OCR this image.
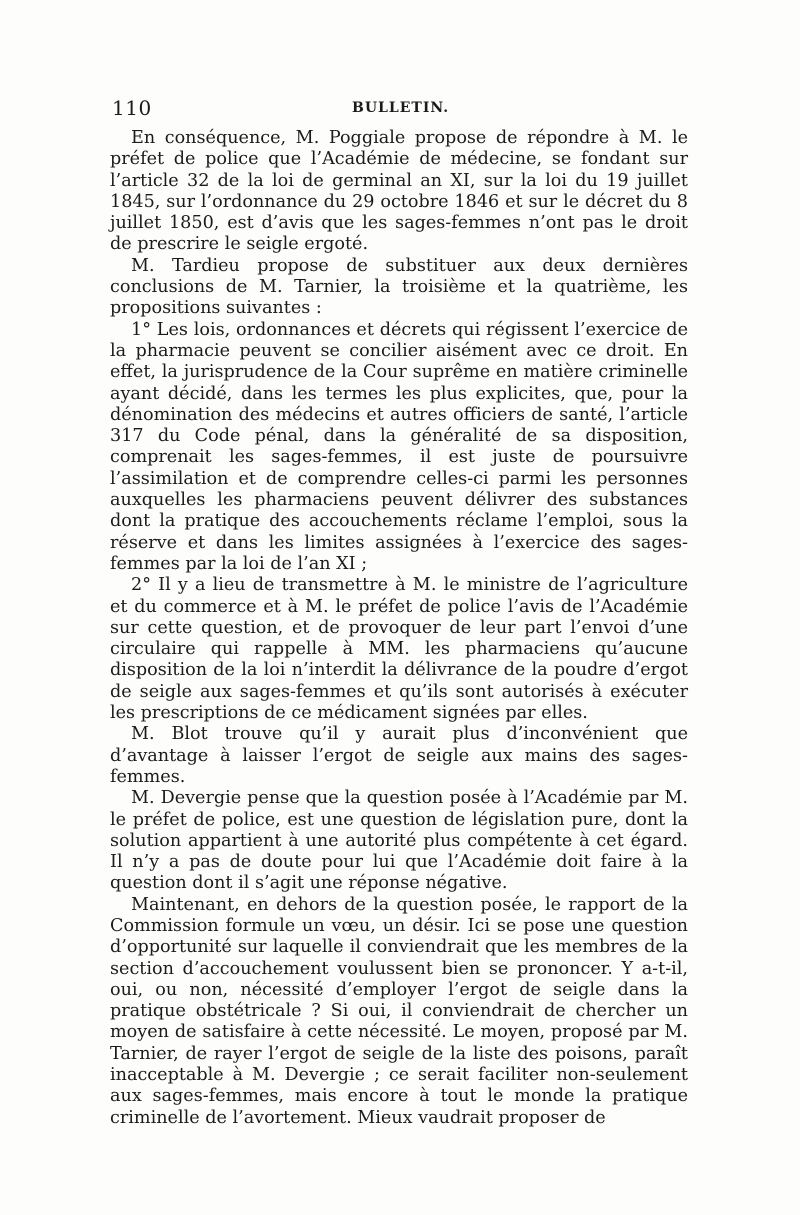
110	BULLETIN.

En conséquence, M. Poggiale propose de répondre à M. le préfet de police que l’Académie de médecine, se fondant sur l’article 32 de la loi de germinal an XI, sur la loi du 19 juillet 1845, sur l’ordonnance du 29 octobre 1846 et sur le décret du 8 juillet 1850, est d’avis que les sages-femmes n’ont pas le droit de prescrire le seigle ergoté.

M. Tardieu propose de substituer aux deux dernières conclusions de M. Tarnier, la troisième et la quatrième, les propositions suivantes :

1° Les lois, ordonnances et décrets qui régissent l’exercice de la pharmacie peuvent se concilier aisément avec ce droit. En effet, la jurisprudence de la Cour suprême en matière criminelle ayant décidé, dans les termes les plus explicites, que, pour la dénomination des médecins et autres officiers de santé, l’article 317 du Code pénal, dans la généralité de sa disposition, comprenait les sages-femmes, il est juste de poursuivre l’assimilation et de comprendre celles-ci parmi les personnes auxquelles les pharmaciens peuvent délivrer des substances dont la pratique des accouchements réclame l’emploi, sous la réserve et dans les limites assignées à l’exercice des sages-femmes par la loi de l’an XI ;

2° Il y a lieu de transmettre à M. le ministre de l’agriculture et du commerce et à M. le préfet de police l’avis de l’Académie sur cette question, et de provoquer de leur part l’envoi d’une circulaire qui rappelle à MM. les pharmaciens qu’aucune disposition de la loi n’interdit la délivrance de la poudre d’ergot de seigle aux sages-femmes et qu’ils sont autorisés à exécuter les prescriptions de ce médicament signées par elles.

M. Blot trouve qu’il y aurait plus d’inconvénient que d’avantage à laisser l’ergot de seigle aux mains des sages-femmes.

M. Devergie pense que la question posée à l’Académie par M. le préfet de police, est une question de législation pure, dont la solution appartient à une autorité plus compétente à cet égard. Il n’y a pas de doute pour lui que l’Académie doit faire à la question dont il s’agit une réponse négative.

Maintenant, en dehors de la question posée, le rapport de la Commission formule un vœu, un désir. Ici se pose une question d’opportunité sur laquelle il conviendrait que les membres de la section d’accouchement voulussent bien se prononcer. Y a-t-il, oui, ou non, nécessité d’employer l’ergot de seigle dans la pratique obstétricale ? Si oui, il conviendrait de chercher un moyen de satisfaire à cette nécessité. Le moyen, proposé par M. Tarnier, de rayer l’ergot de seigle de la liste des poisons, paraît inacceptable à M. Devergie ; ce serait faciliter non-seulement aux sages-femmes, mais encore à tout le monde la pratique criminelle de l’avortement. Mieux vaudrait proposer de
